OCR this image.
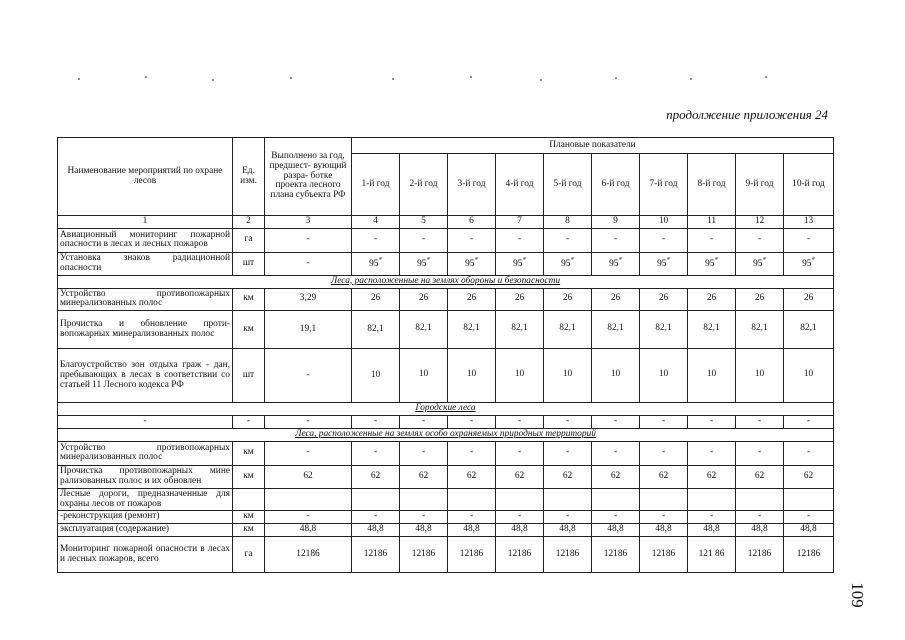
продолжение приложения 24
Наименование мероприятий по охране лесов	Ед. изм.	Выполнено за год, предшест- вующий разра- ботке проекта лесного плана субъекта РФ	Плановые показатели									
			1-й год	2-й год	3-й год	4-й год	5-й год	6-й год	7-й год	8-й год	9-й год	10-й год
1	2	3	4	5	6	7	8	9	10	11	12	13
Авиационный мониторинг пожарной опасности в лесах и лесных пожаров	га	-	-	-	-	-	-	-	-	-	-	-
Установка знаков радиационной опасности	шт	-	95*	95*	95*	95*	95*	95*	95*	95*	95*	95*
Леса, расположенные на землях обороны и безопасности												
Устройство противопожарных минерализованных полос	км	3,29	26	26	26	26	26	26	26	26	26	26
Прочистка и обновление проти- вопожарных минерализованных полос	км	19,1	82,1	82,1	82,1	82,1	82,1	82,1	82,1	82,1	82,1	82,1
Благоустройство зон отдыха граж - дан, пребывающих в лесах в соответствии со статьей 11 Лесного кодекса РФ	шт	-	10	10	10	10	10	10	10	10	10	10
Городские леса												
-	-	-	-	-	-	-	-	-	-	-	-	-
Леса, расположенные на землях особо охраняемых природных территорий												
Устройство противопожарных минерализованных полос	км	-	-	-	-	-	-	-	-	-	-	-
Прочистка противопожарных мине рализованных полос и их обновлен	км	62	62	62	62	62	62	62	62	62	62	62
Лесные дороги, предназначенные для охраны лесов от пожаров												
-реконструкция (ремонт)	км	-	-	-	-	-	-	-	-	-	-	-
эксплуатация (содержание)	км	48,8	48,8	48,8	48,8	48,8	48,8	48,8	48,8	48,8	48,8	48,8
Мониторинг пожарной опасности в лесах и лесных пожаров, всего	га	12186	12186	12186	12186	12186	12186	12186	12186	121 86	12186	12186
109
